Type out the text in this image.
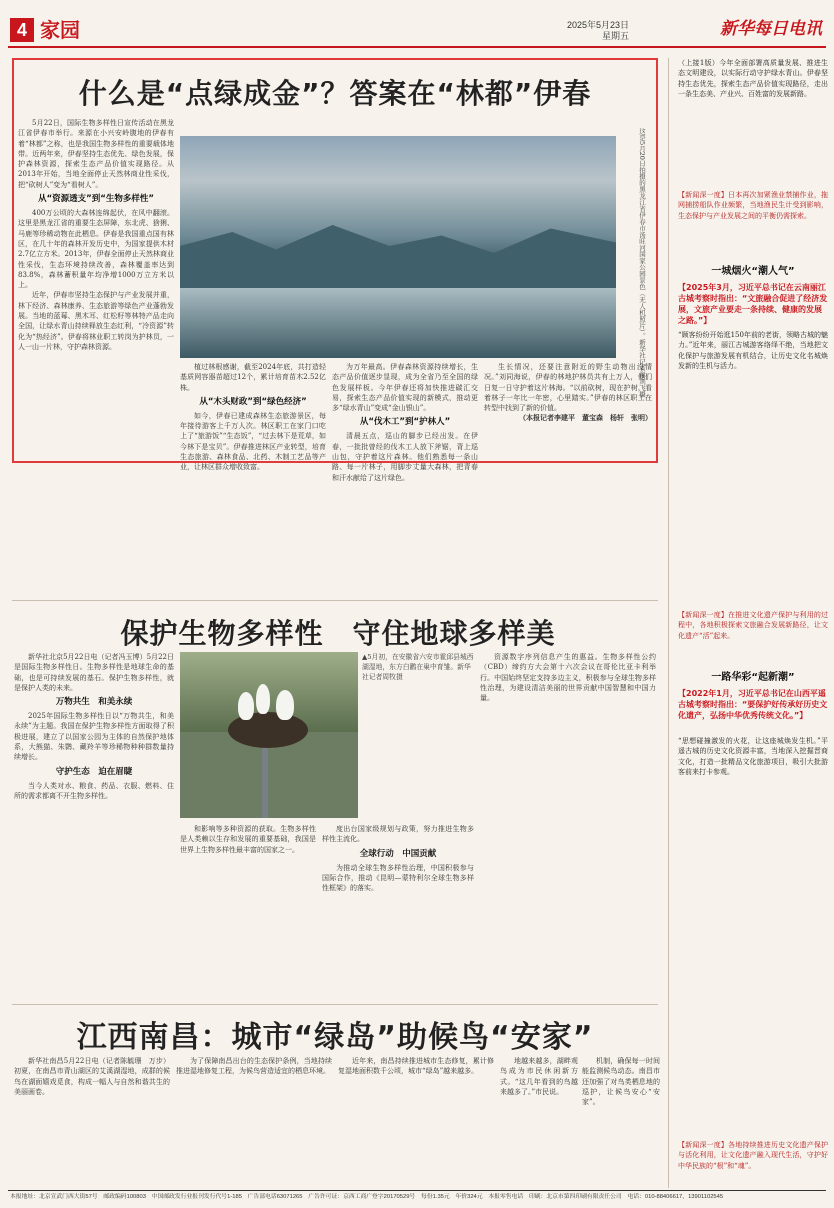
4 家园	2025年5月23日
星期五	新华每日电讯
什么是“点绿成金”？答案在“林都”伊春

5月22日，国际生物多样性日宣传活动在黑龙江省伊春市举行。来源在小兴安岭腹地的伊春有着“林都”之称，也是我国生物多样性的重要载体地带。近两年来，伊春坚持生态优先、绿色发展，保护森林资源，探索生态产品价值实现路径。从2013年开始，当地全面停止天然林商业性采伐，把“砍树人”变为“看树人”。

从“资源透支”到“生物多样性”

400万公顷的大森林连绵起伏，在风中翻滚。这里是黑龙江省的重要生态屏障，东北虎、猞猁、马鹿等珍稀动物在此栖息。伊春是我国重点国有林区，在几十年的森林开发历史中，为国家提供木材2.7亿立方米。2013年，伊春全面停止天然林商业性采伐，生态环境持续改善，森林覆盖率达到83.8%，森林蓄积量年均净增1000万立方米以上。

近年，伊春市坚持生态保护与产业发展并重，林下经济、森林康养、生态旅游等绿色产业蓬勃发展。当地的蓝莓、黑木耳、红松籽等林特产品走向全国，让绿水青山持续释放生态红利，“冷资源”转化为“热经济”。伊春将林业职工转岗为护林员，一人一山一片林，守护森林资源。	这是5月20日拍摄的黑龙江省伊春市汤旺河国家公园景色（无人机照片）。新华社记者谢剑飞摄

植过林根感谢，截至2024年底，共打造轻基质网容器苗超过12个，累计培育苗木2.52亿株。

从“木头财政”到“绿色经济”

如今，伊春已建成森林生态旅游景区，每年接待游客上千万人次。林区职工在家门口吃上了“旅游饭”“生态饭”，“过去林下是荒草，如今林下是宝贝”。伊春推进林区产业转型，培育生态旅游、森林食品、北药、木制工艺品等产业，让林区群众增收致富。

为万年最高。伊春森林资源持续增长，生态产品价值逐步显现，成为全省乃至全国的绿色发展样板。今年伊春还将加快推进碳汇交易，探索生态产品价值实现的新模式，推动更多“绿水青山”变成“金山银山”。

从“伐木工”到“护林人”

清晨五点，巡山的脚步已经出发。在伊春，一批批曾经的伐木工人放下斧锯，背上巡山包，守护着这片森林。他们熟悉每一条山路、每一片林子，用脚步丈量大森林，把青春和汗水献给了这片绿色。

生长情况，还要注意附近的野生动物出没情况。”刘同海说，伊春的林地护林员共有上万人，他们日复一日守护着这片林海。“以前砍树，现在护树，看着林子一年比一年密，心里踏实。”伊春的林区职工在转型中找到了新的价值。

（本报记者李建平　董宝森　杨轩　张明）
保护生物多样性　守住地球多样美

新华社北京5月22日电（记者冯玉博）5月22日是国际生物多样性日。生物多样性是地球生命的基础，也是可持续发展的基石。保护生物多样性，就是保护人类的未来。

万物共生　和美永续

2025年国际生物多样性日以“万物共生，和美永续”为主题。我国在保护生物多样性方面取得了积极进展，建立了以国家公园为主体的自然保护地体系，大熊猫、朱鹮、藏羚羊等珍稀物种种群数量持续增长。

守护生态　迫在眉睫

当今人类对水、粮食、药品、衣服、燃料、住所的需求都离不开生物多样性。

▲5月初，在安徽省六安市霍邱县城西湖湿地，东方白鹳在巢中育雏。新华社记者周牧摄

和影响等多种资源的获取。生物多样性是人类赖以生存和发展的重要基础，我国是世界上生物多样性最丰富的国家之一。

度出台国家级规划与政策，努力推进生物多样性主流化。

全球行动　中国贡献

为推动全球生物多样性治理，中国积极参与国际合作，推动《昆明—蒙特利尔全球生物多样性框架》的落实。

资源数字序列信息产生的惠益。生物多样性公约（CBD）缔约方大会第十六次会议在哥伦比亚卡利举行。中国始终坚定支持多边主义，积极参与全球生物多样性治理，为建设清洁美丽的世界贡献中国智慧和中国力量。

江西南昌：城市“绿岛”助候鸟“安家”

新华社南昌5月22日电（记者陈毓珊　万步）初夏，在南昌市青山湖区的艾溪湖湿地，成群的候鸟在湖面嬉戏觅食，构成一幅人与自然和谐共生的美丽画卷。

为了保障南昌出台的生态保护条例，当地持续推进湿地修复工程，为候鸟营造适宜的栖息环境。

近年来，南昌持续推进城市生态修复，累计修复湿地面积数千公顷，城市“绿岛”越来越多。

地越来越多，湖畔观鸟成为市民休闲新方式。“这几年看到的鸟越来越多了。”市民说。

机制，确保每一时间能监测候鸟动态。南昌市还加强了对鸟类栖息地的巡护，让候鸟安心“安家”。

（上接1版）今年全面部署高质量发展、推进生态文明建设，以实际行动守护绿水青山。伊春坚持生态优先，探索生态产品价值实现路径，走出一条生态美、产业兴、百姓富的发展新路。
【新闻深一度】日本再次加紧渔业禁捕作业，拖网捕捞船队作业频繁，当地渔民生计受到影响，生态保护与产业发展之间的平衡仍需探索。
一城烟火“潮人气”
【2025年3月，习近平总书记在云南丽江古城考察时指出：“文旅融合促进了经济发展，文旅产业要走一条持续、健康的发展之路。”】
“顾客纷纷开始逛150年前的老街，领略古城的魅力。”近年来，丽江古城游客络绎不绝，当地把文化保护与旅游发展有机结合，让历史文化名城焕发新的生机与活力。
【新闻深一度】在推进文化遗产保护与利用的过程中，各地积极探索文旅融合发展新路径，让文化遗产“活”起来。
一路华彩“起新潮”
【2022年1月，习近平总书记在山西平遥古城考察时指出：“要保护好传承好历史文化遗产，弘扬中华优秀传统文化。”】
“思想碰撞激发的火花，让这座城焕发生机。”平遥古城的历史文化资源丰富，当地深入挖掘晋商文化，打造一批精品文化旅游项目，吸引大批游客前来打卡参观。
【新闻深一度】各地持续推进历史文化遗产保护与活化利用，让文化遗产融入现代生活，守护好中华民族的“根”和“魂”。
本报地址：北京宣武门西大街57号　邮政编码100803　中国邮政发行业报刊发行代号1-185　广告部电话63071265　广告许可证：京西工商广登字20170529号　每份1.35元　年价324元　本报零售电话　印刷：北京市第四印刷有限责任公司　电话：010-88406617，13901102545
